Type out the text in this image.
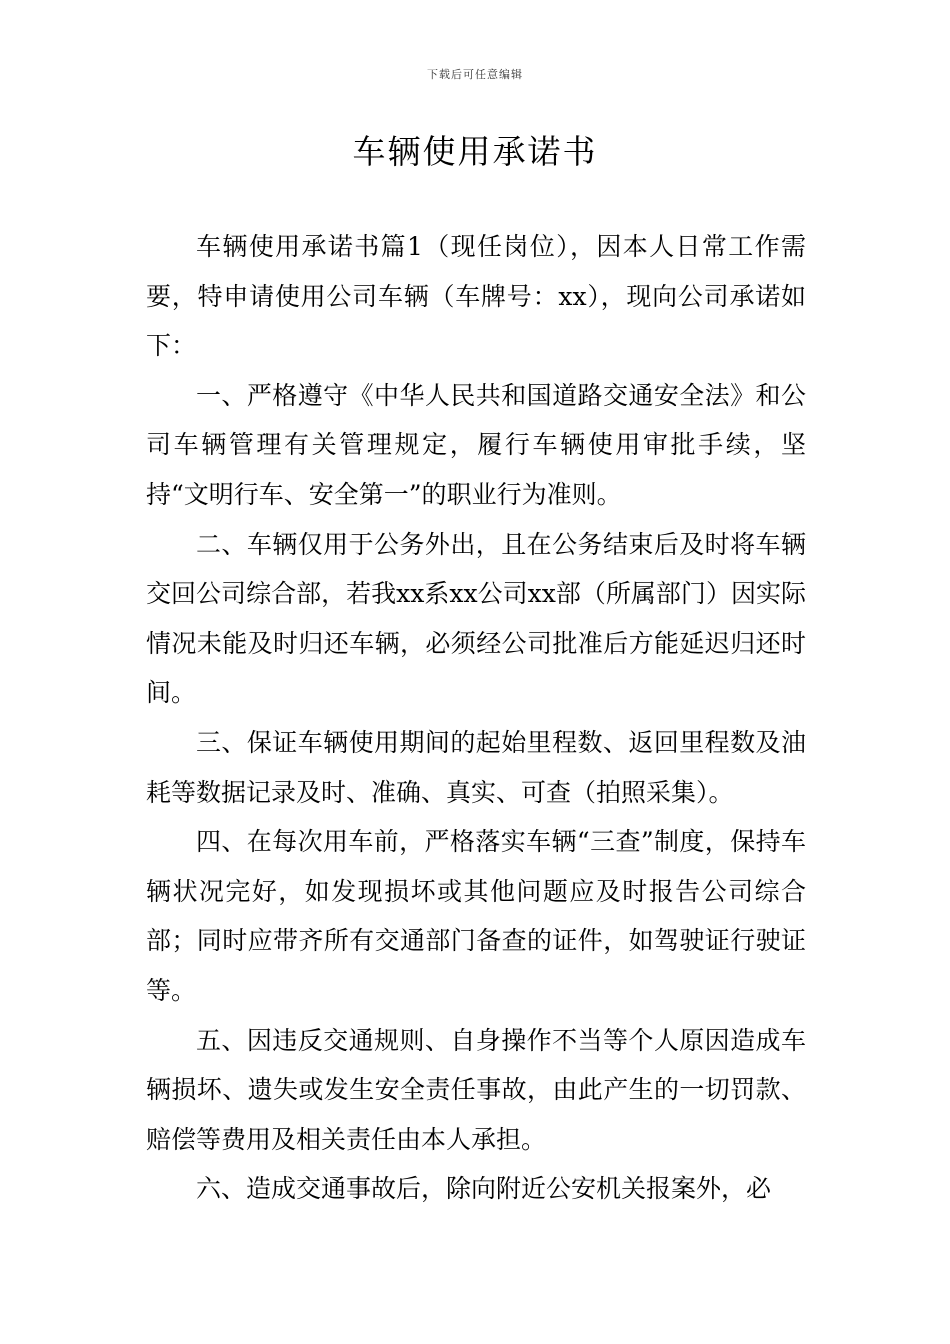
下载后可任意编辑
车辆使用承诺书

车辆使用承诺书篇1（现任岗位），因本人日常工作需要，特申请使用公司车辆（车牌号：xx），现向公司承诺如下：

一、严格遵守《中华人民共和国道路交通安全法》和公司车辆管理有关管理规定，履行车辆使用审批手续，坚持“文明行车、安全第一”的职业行为准则。

二、车辆仅用于公务外出，且在公务结束后及时将车辆交回公司综合部，若我xx系xx公司xx部（所属部门）因实际情况未能及时归还车辆，必须经公司批准后方能延迟归还时间。

三、保证车辆使用期间的起始里程数、返回里程数及油耗等数据记录及时、准确、真实、可查（拍照采集）。

四、在每次用车前，严格落实车辆“三查”制度，保持车辆状况完好，如发现损坏或其他问题应及时报告公司综合部；同时应带齐所有交通部门备查的证件，如驾驶证行驶证等。

五、因违反交通规则、自身操作不当等个人原因造成车辆损坏、遗失或发生安全责任事故，由此产生的一切罚款、赔偿等费用及相关责任由本人承担。

六、造成交通事故后，除向附近公安机关报案外，必
